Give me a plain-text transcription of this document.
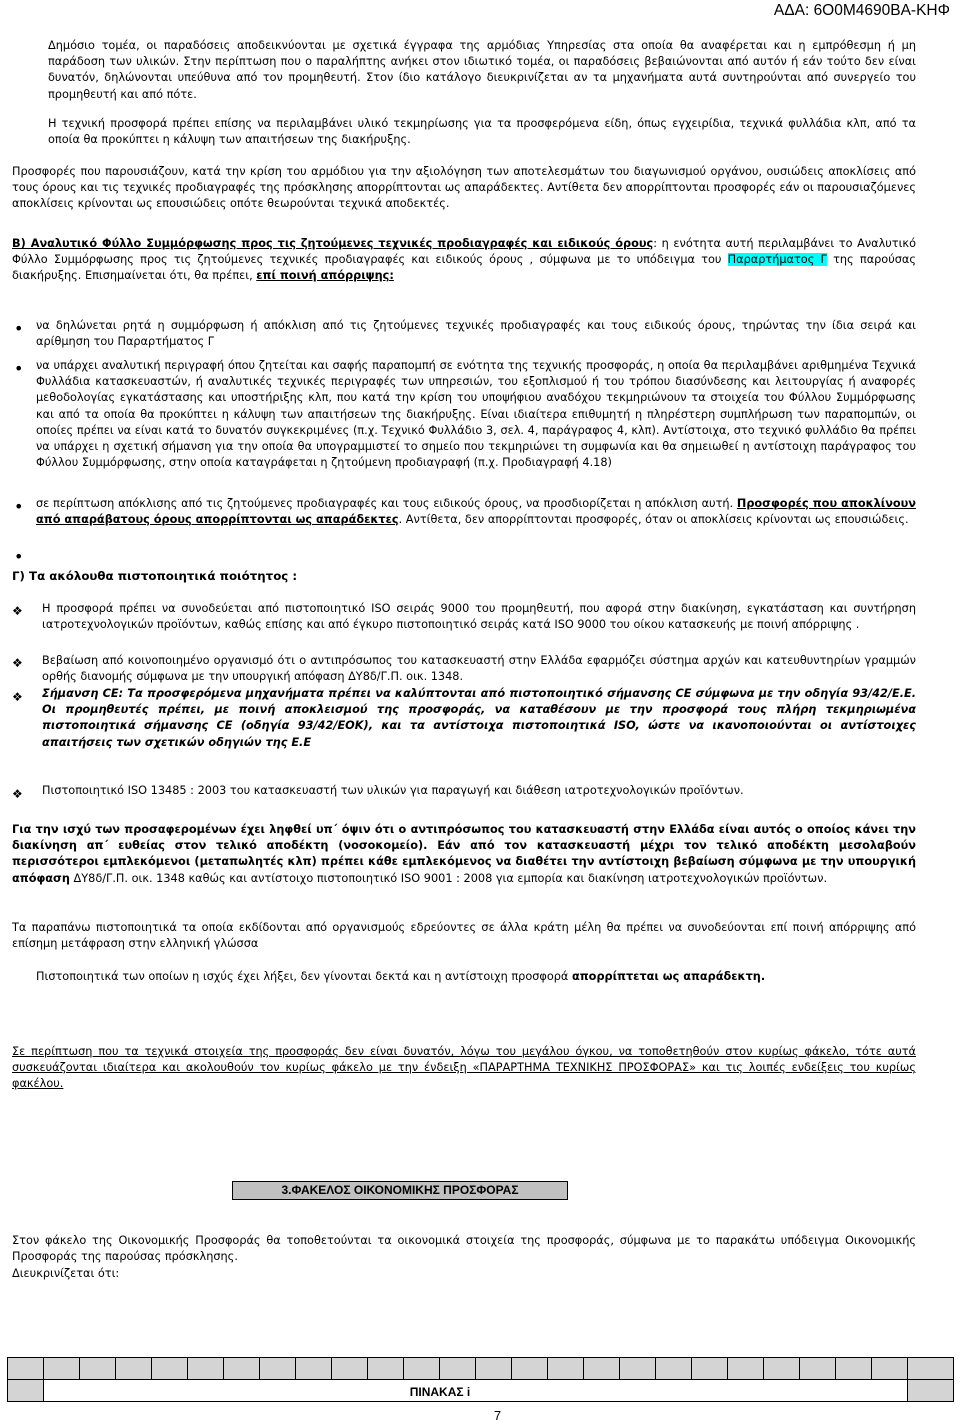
ΑΔΑ: 6Ο0Μ4690ΒΑ-ΚΗΦ

Δημόσιο τομέα, οι παραδόσεις αποδεικνύονται με σχετικά έγγραφα της αρμόδιας Υπηρεσίας στα οποία θα αναφέρεται και η εμπρόθεσμη ή μη παράδοση των υλικών. Στην περίπτωση που ο παραλήπτης ανήκει στον ιδιωτικό τομέα, οι παραδόσεις βεβαιώνονται από αυτόν ή εάν τούτο δεν είναι δυνατόν, δηλώνονται υπεύθυνα από τον προμηθευτή. Στον ίδιο κατάλογο διευκρινίζεται αν τα μηχανήματα αυτά συντηρούνται από συνεργείο του προμηθευτή και από πότε.

Η τεχνική προσφορά πρέπει επίσης να περιλαμβάνει υλικό τεκμηρίωσης για τα προσφερόμενα είδη, όπως εγχειρίδια, τεχνικά φυλλάδια κλπ, από τα οποία θα προκύπτει η κάλυψη των απαιτήσεων της διακήρυξης.

Προσφορές που παρουσιάζουν, κατά την κρίση του αρμόδιου για την αξιολόγηση των αποτελεσμάτων του διαγωνισμού οργάνου, ουσιώδεις αποκλίσεις από τους όρους και τις τεχνικές προδιαγραφές της πρόσκλησης απορρίπτονται ως απαράδεκτες. Αντίθετα δεν απορρίπτονται προσφορές εάν οι παρουσιαζόμενες αποκλίσεις κρίνονται ως επουσιώδεις οπότε θεωρούνται τεχνικά αποδεκτές.

Β) Αναλυτικό Φύλλο Συμμόρφωσης προς τις ζητούμενες τεχνικές προδιαγραφές και ειδικούς όρους: η ενότητα αυτή περιλαμβάνει το Αναλυτικό Φύλλο Συμμόρφωσης προς τις ζητούμενες τεχνικές προδιαγραφές και ειδικούς όρους , σύμφωνα με το υπόδειγμα του Παραρτήματος Γ της παρούσας διακήρυξης. Επισημαίνεται ότι, θα πρέπει, επί ποινή απόρριψης:

• να δηλώνεται ρητά η συμμόρφωση ή απόκλιση από τις ζητούμενες τεχνικές προδιαγραφές και τους ειδικούς όρους, τηρώντας την ίδια σειρά και αρίθμηση του Παραρτήματος Γ

• να υπάρχει αναλυτική περιγραφή όπου ζητείται και σαφής παραπομπή σε ενότητα της τεχνικής προσφοράς, η οποία θα περιλαμβάνει αριθμημένα Τεχνικά Φυλλάδια κατασκευαστών, ή αναλυτικές τεχνικές περιγραφές των υπηρεσιών, του εξοπλισμού ή του τρόπου διασύνδεσης και λειτουργίας ή αναφορές μεθοδολογίας εγκατάστασης και υποστήριξης κλπ, που κατά την κρίση του υποψήφιου αναδόχου τεκμηριώνουν τα στοιχεία του Φύλλου Συμμόρφωσης και από τα οποία θα προκύπτει η κάλυψη των απαιτήσεων της διακήρυξης. Είναι ιδιαίτερα επιθυμητή η πληρέστερη συμπλήρωση των παραπομπών, οι οποίες πρέπει να είναι κατά το δυνατόν συγκεκριμένες (π.χ. Τεχνικό Φυλλάδιο 3, σελ. 4, παράγραφος 4, κλπ). Αντίστοιχα, στο τεχνικό φυλλάδιο θα πρέπει να υπάρχει η σχετική σήμανση για την οποία θα υπογραμμιστεί το σημείο που τεκμηριώνει τη συμφωνία και θα σημειωθεί η αντίστοιχη παράγραφος του Φύλλου Συμμόρφωσης, στην οποία καταγράφεται η ζητούμενη προδιαγραφή (π.χ. Προδιαγραφή 4.18)

• σε περίπτωση απόκλισης από τις ζητούμενες προδιαγραφές και τους ειδικούς όρους, να προσδιορίζεται η απόκλιση αυτή. Προσφορές που αποκλίνουν από απαράβατους όρους απορρίπτονται ως απαράδεκτες. Αντίθετα, δεν απορρίπτονται προσφορές, όταν οι αποκλίσεις κρίνονται ως επουσιώδεις.

•

Γ) Τα ακόλουθα πιστοποιητικά ποιότητος :

❖ Η προσφορά πρέπει να συνοδεύεται από πιστοποιητικό ISO σειράς 9000 του προμηθευτή, που αφορά στην διακίνηση, εγκατάσταση και συντήρηση ιατροτεχνολογικών προϊόντων, καθώς επίσης και από έγκυρο πιστοποιητικό σειράς κατά ISO 9000 του οίκου κατασκευής με ποινή απόρριψης .

❖ Βεβαίωση από κοινοποιημένο οργανισμό ότι ο αντιπρόσωπος του κατασκευαστή στην Ελλάδα εφαρμόζει σύστημα αρχών και κατευθυντηρίων γραμμών ορθής διανομής σύμφωνα με την υπουργική απόφαση ΔΥ8δ/Γ.Π. οικ. 1348.

❖ Σήμανση CE: Τα προσφερόμενα μηχανήματα πρέπει να καλύπτονται από πιστοποιητικό σήμανσης CE σύμφωνα με την οδηγία 93/42/Ε.Ε. Οι προμηθευτές πρέπει, με ποινή αποκλεισμού της προσφοράς, να καταθέσουν με την προσφορά τους πλήρη τεκμηριωμένα πιστοποιητικά σήμανσης CE (οδηγία 93/42/ΕΟΚ), και τα αντίστοιχα πιστοποιητικά ISO, ώστε να ικανοποιούνται οι αντίστοιχες απαιτήσεις των σχετικών οδηγιών της Ε.Ε

❖ Πιστοποιητικό ISO 13485 : 2003 του κατασκευαστή των υλικών για παραγωγή και διάθεση ιατροτεχνολογικών προϊόντων.

Για την ισχύ των προσαφερομένων έχει ληφθεί υπ΄ όψιν ότι ο αντιπρόσωπος του κατασκευαστή στην Ελλάδα είναι αυτός ο οποίος κάνει την διακίνηση απ΄ ευθείας στον τελικό αποδέκτη (νοσοκομείο). Εάν από τον κατασκευαστή μέχρι τον τελικό αποδέκτη μεσολαβούν περισσότεροι εμπλεκόμενοι (μεταπωλητές κλπ) πρέπει κάθε εμπλεκόμενος να διαθέτει την αντίστοιχη βεβαίωση σύμφωνα με την υπουργική απόφαση ΔΥ8δ/Γ.Π. οικ. 1348 καθώς και αντίστοιχο πιστοποιητικό ISO 9001 : 2008 για εμπορία και διακίνηση ιατροτεχνολογικών προϊόντων.

Τα παραπάνω πιστοποιητικά τα οποία εκδίδονται από οργανισμούς εδρεύοντες σε άλλα κράτη μέλη θα πρέπει να συνοδεύονται επί ποινή απόρριψης από επίσημη μετάφραση στην ελληνική γλώσσα

Πιστοποιητικά των οποίων η ισχύς έχει λήξει, δεν γίνονται δεκτά και η αντίστοιχη προσφορά απορρίπτεται ως απαράδεκτη.

Σε περίπτωση που τα τεχνικά στοιχεία της προσφοράς δεν είναι δυνατόν, λόγω του μεγάλου όγκου, να τοποθετηθούν στον κυρίως φάκελο, τότε αυτά συσκευάζονται ιδιαίτερα και ακολουθούν τον κυρίως φάκελο με την ένδειξη «ΠΑΡΑΡΤΗΜΑ ΤΕΧΝΙΚΗΣ ΠΡΟΣΦΟΡΑΣ» και τις λοιπές ενδείξεις του κυρίως φακέλου.

3.ΦΑΚΕΛΟΣ ΟΙΚΟΝΟΜΙΚΗΣ ΠΡΟΣΦΟΡΑΣ

Στον φάκελο της Οικονομικής Προσφοράς θα τοποθετούνται τα οικονομικά στοιχεία της προσφοράς, σύμφωνα με το παρακάτω υπόδειγμα Οικονομικής Προσφοράς της παρούσας πρόσκλησης.

Διευκρινίζεται ότι:

ΠΙΝΑΚΑΣ i
7
